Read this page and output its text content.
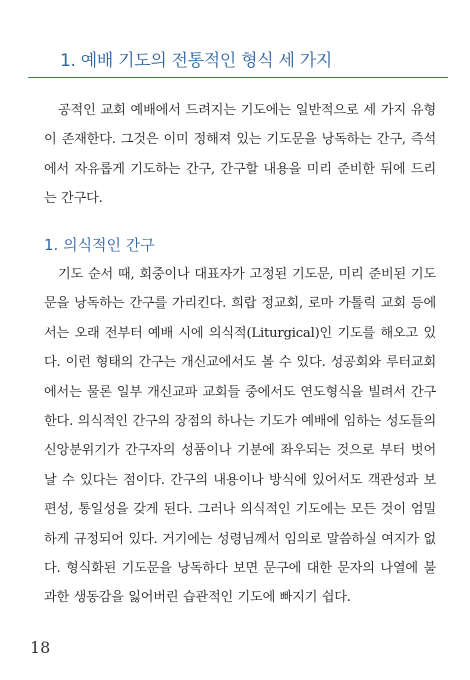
1. 예배 기도의 전통적인 형식 세 가지

공적인 교회 예배에서 드려지는 기도에는 일반적으로 세 가지 유형이 존재한다. 그것은 이미 정해져 있는 기도문을 낭독하는 간구, 즉석에서 자유롭게 기도하는 간구, 간구할 내용을 미리 준비한 뒤에 드리는 간구다.

1. 의식적인 간구

기도 순서 때, 회중이나 대표자가 고정된 기도문, 미리 준비된 기도문을 낭독하는 간구를 가리킨다. 희랍 정교회, 로마 가톨릭 교회 등에서는 오래 전부터 예배 시에 의식적(Liturgical)인 기도를 해오고 있다. 이런 형태의 간구는 개신교에서도 볼 수 있다. 성공회와 루터교회에서는 물론 일부 개신교파 교회들 중에서도 연도형식을 빌려서 간구한다. 의식적인 간구의 장점의 하나는 기도가 예배에 임하는 성도들의 신앙분위기가 간구자의 성품이나 기분에 좌우되는 것으로 부터 벗어날 수 있다는 점이다. 간구의 내용이나 방식에 있어서도 객관성과 보편성, 통일성을 갖게 된다. 그러나 의식적인 기도에는 모든 것이 엄밀하게 규정되어 있다. 거기에는 성령님께서 임의로 말씀하실 여지가 없다. 형식화된 기도문을 낭독하다 보면 문구에 대한 문자의 나열에 불과한 생동감을 잃어버린 습관적인 기도에 빠지기 쉽다.

18
